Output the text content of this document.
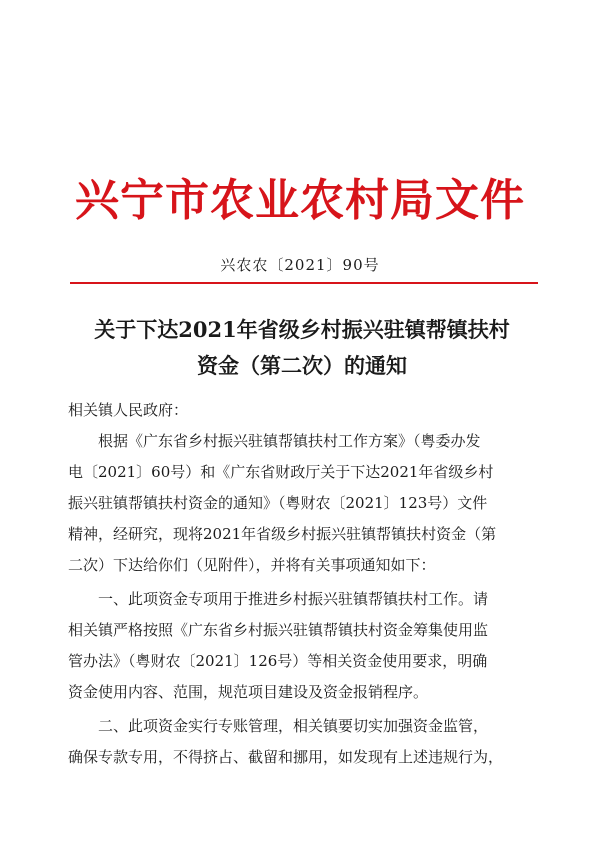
兴宁市农业农村局文件
兴农农〔2021〕90号
关于下达2021年省级乡村振兴驻镇帮镇扶村
资金（第二次）的通知
相关镇人民政府：
根据《广东省乡村振兴驻镇帮镇扶村工作方案》（粤委办发
电〔2021〕60号）和《广东省财政厅关于下达2021年省级乡村
振兴驻镇帮镇扶村资金的通知》（粤财农〔2021〕123号）文件
精神，经研究，现将2021年省级乡村振兴驻镇帮镇扶村资金（第
二次）下达给你们（见附件），并将有关事项通知如下：
一、此项资金专项用于推进乡村振兴驻镇帮镇扶村工作。请
相关镇严格按照《广东省乡村振兴驻镇帮镇扶村资金筹集使用监
管办法》（粤财农〔2021〕126号）等相关资金使用要求，明确
资金使用内容、范围，规范项目建设及资金报销程序。
二、此项资金实行专账管理，相关镇要切实加强资金监管，
确保专款专用，不得挤占、截留和挪用，如发现有上述违规行为，
